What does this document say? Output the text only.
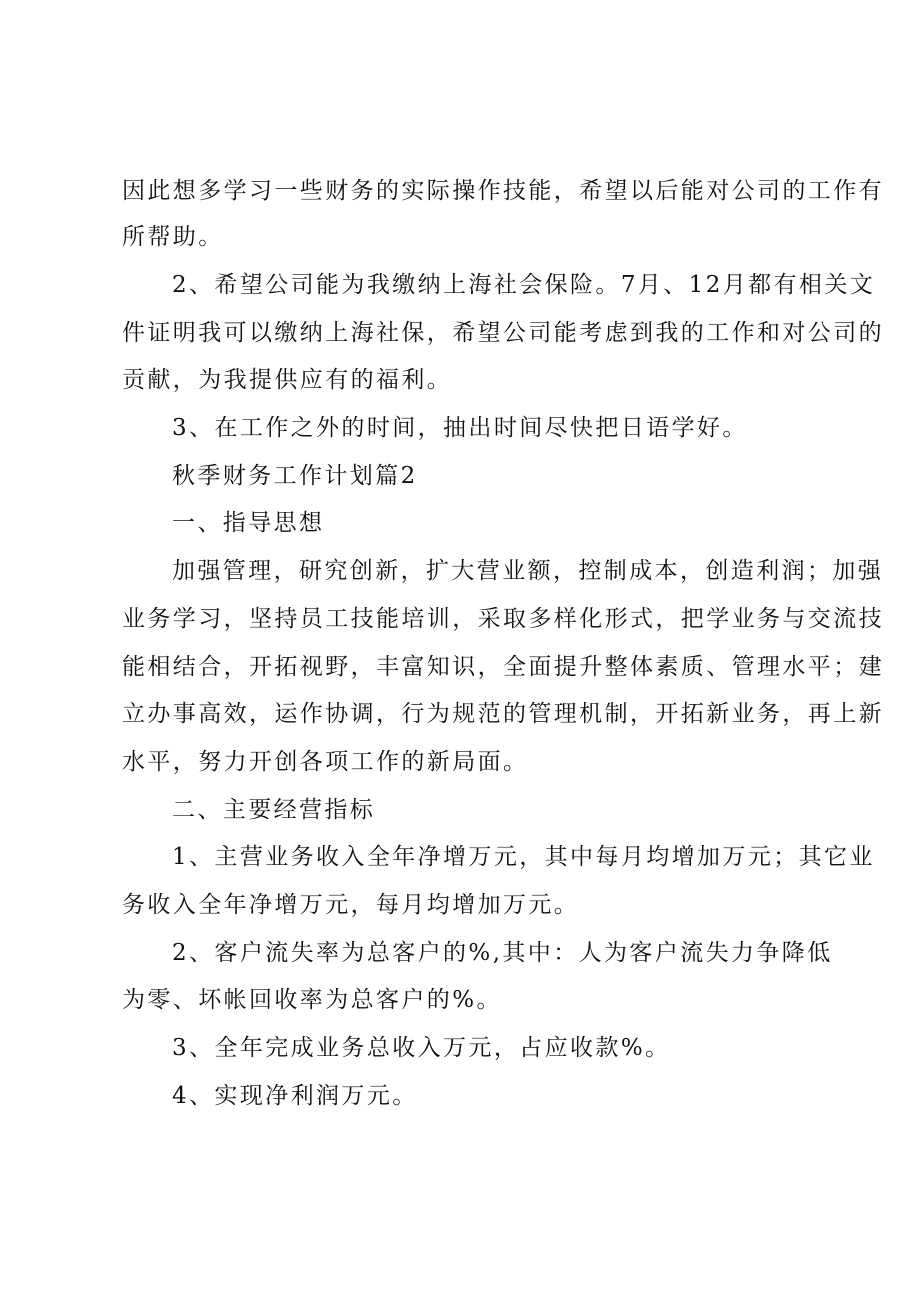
因此想多学习一些财务的实际操作技能，希望以后能对公司的工作有
所帮助。
2、希望公司能为我缴纳上海社会保险。7月、12月都有相关文
件证明我可以缴纳上海社保，希望公司能考虑到我的工作和对公司的
贡献，为我提供应有的福利。
3、在工作之外的时间，抽出时间尽快把日语学好。
秋季财务工作计划篇2
一、指导思想
加强管理，研究创新，扩大营业额，控制成本，创造利润；加强
业务学习，坚持员工技能培训，采取多样化形式，把学业务与交流技
能相结合，开拓视野，丰富知识，全面提升整体素质、管理水平；建
立办事高效，运作协调，行为规范的管理机制，开拓新业务，再上新
水平，努力开创各项工作的新局面。
二、主要经营指标
1、主营业务收入全年净增万元，其中每月均增加万元；其它业
务收入全年净增万元，每月均增加万元。
2、客户流失率为总客户的%,其中：人为客户流失力争降低
为零、坏帐回收率为总客户的%。
3、全年完成业务总收入万元，占应收款%。
4、实现净利润万元。
